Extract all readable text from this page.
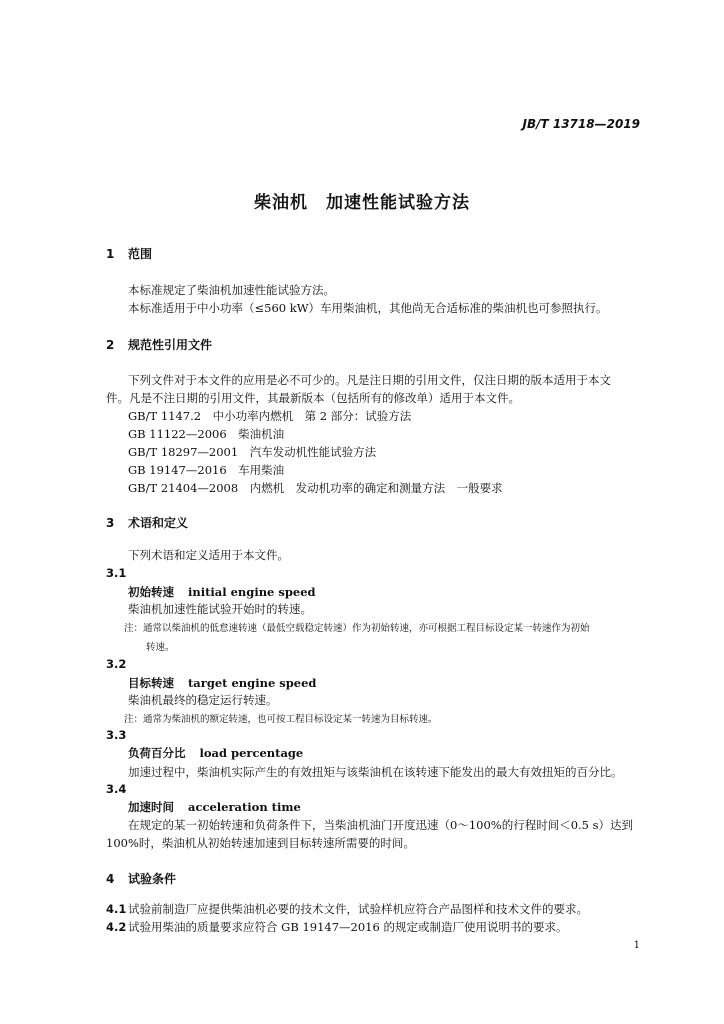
JB/T 13718—2019
柴油机　加速性能试验方法
1 范围
本标准规定了柴油机加速性能试验方法。
本标准适用于中小功率（≤560 kW）车用柴油机，其他尚无合适标准的柴油机也可参照执行。
2 规范性引用文件
下列文件对于本文件的应用是必不可少的。凡是注日期的引用文件，仅注日期的版本适用于本文
件。凡是不注日期的引用文件，其最新版本（包括所有的修改单）适用于本文件。
GB/T 1147.2　中小功率内燃机　第 2 部分：试验方法
GB 11122—2006　柴油机油
GB/T 18297—2001　汽车发动机性能试验方法
GB 19147—2016　车用柴油
GB/T 21404—2008　内燃机　发动机功率的确定和测量方法　一般要求
3 术语和定义
下列术语和定义适用于本文件。
3.1
初始转速 initial engine speed
柴油机加速性能试验开始时的转速。
注：通常以柴油机的低怠速转速（最低空载稳定转速）作为初始转速，亦可根据工程目标设定某一转速作为初始
转速。
3.2
目标转速 target engine speed
柴油机最终的稳定运行转速。
注：通常为柴油机的额定转速，也可按工程目标设定某一转速为目标转速。
3.3
负荷百分比 load percentage
加速过程中，柴油机实际产生的有效扭矩与该柴油机在该转速下能发出的最大有效扭矩的百分比。
3.4
加速时间 acceleration time
在规定的某一初始转速和负荷条件下，当柴油机油门开度迅速（0～100%的行程时间＜0.5 s）达到
100%时，柴油机从初始转速加速到目标转速所需要的时间。
4 试验条件
4.1 试验前制造厂应提供柴油机必要的技术文件，试验样机应符合产品图样和技术文件的要求。
4.2 试验用柴油的质量要求应符合 GB 19147—2016 的规定或制造厂使用说明书的要求。
1
